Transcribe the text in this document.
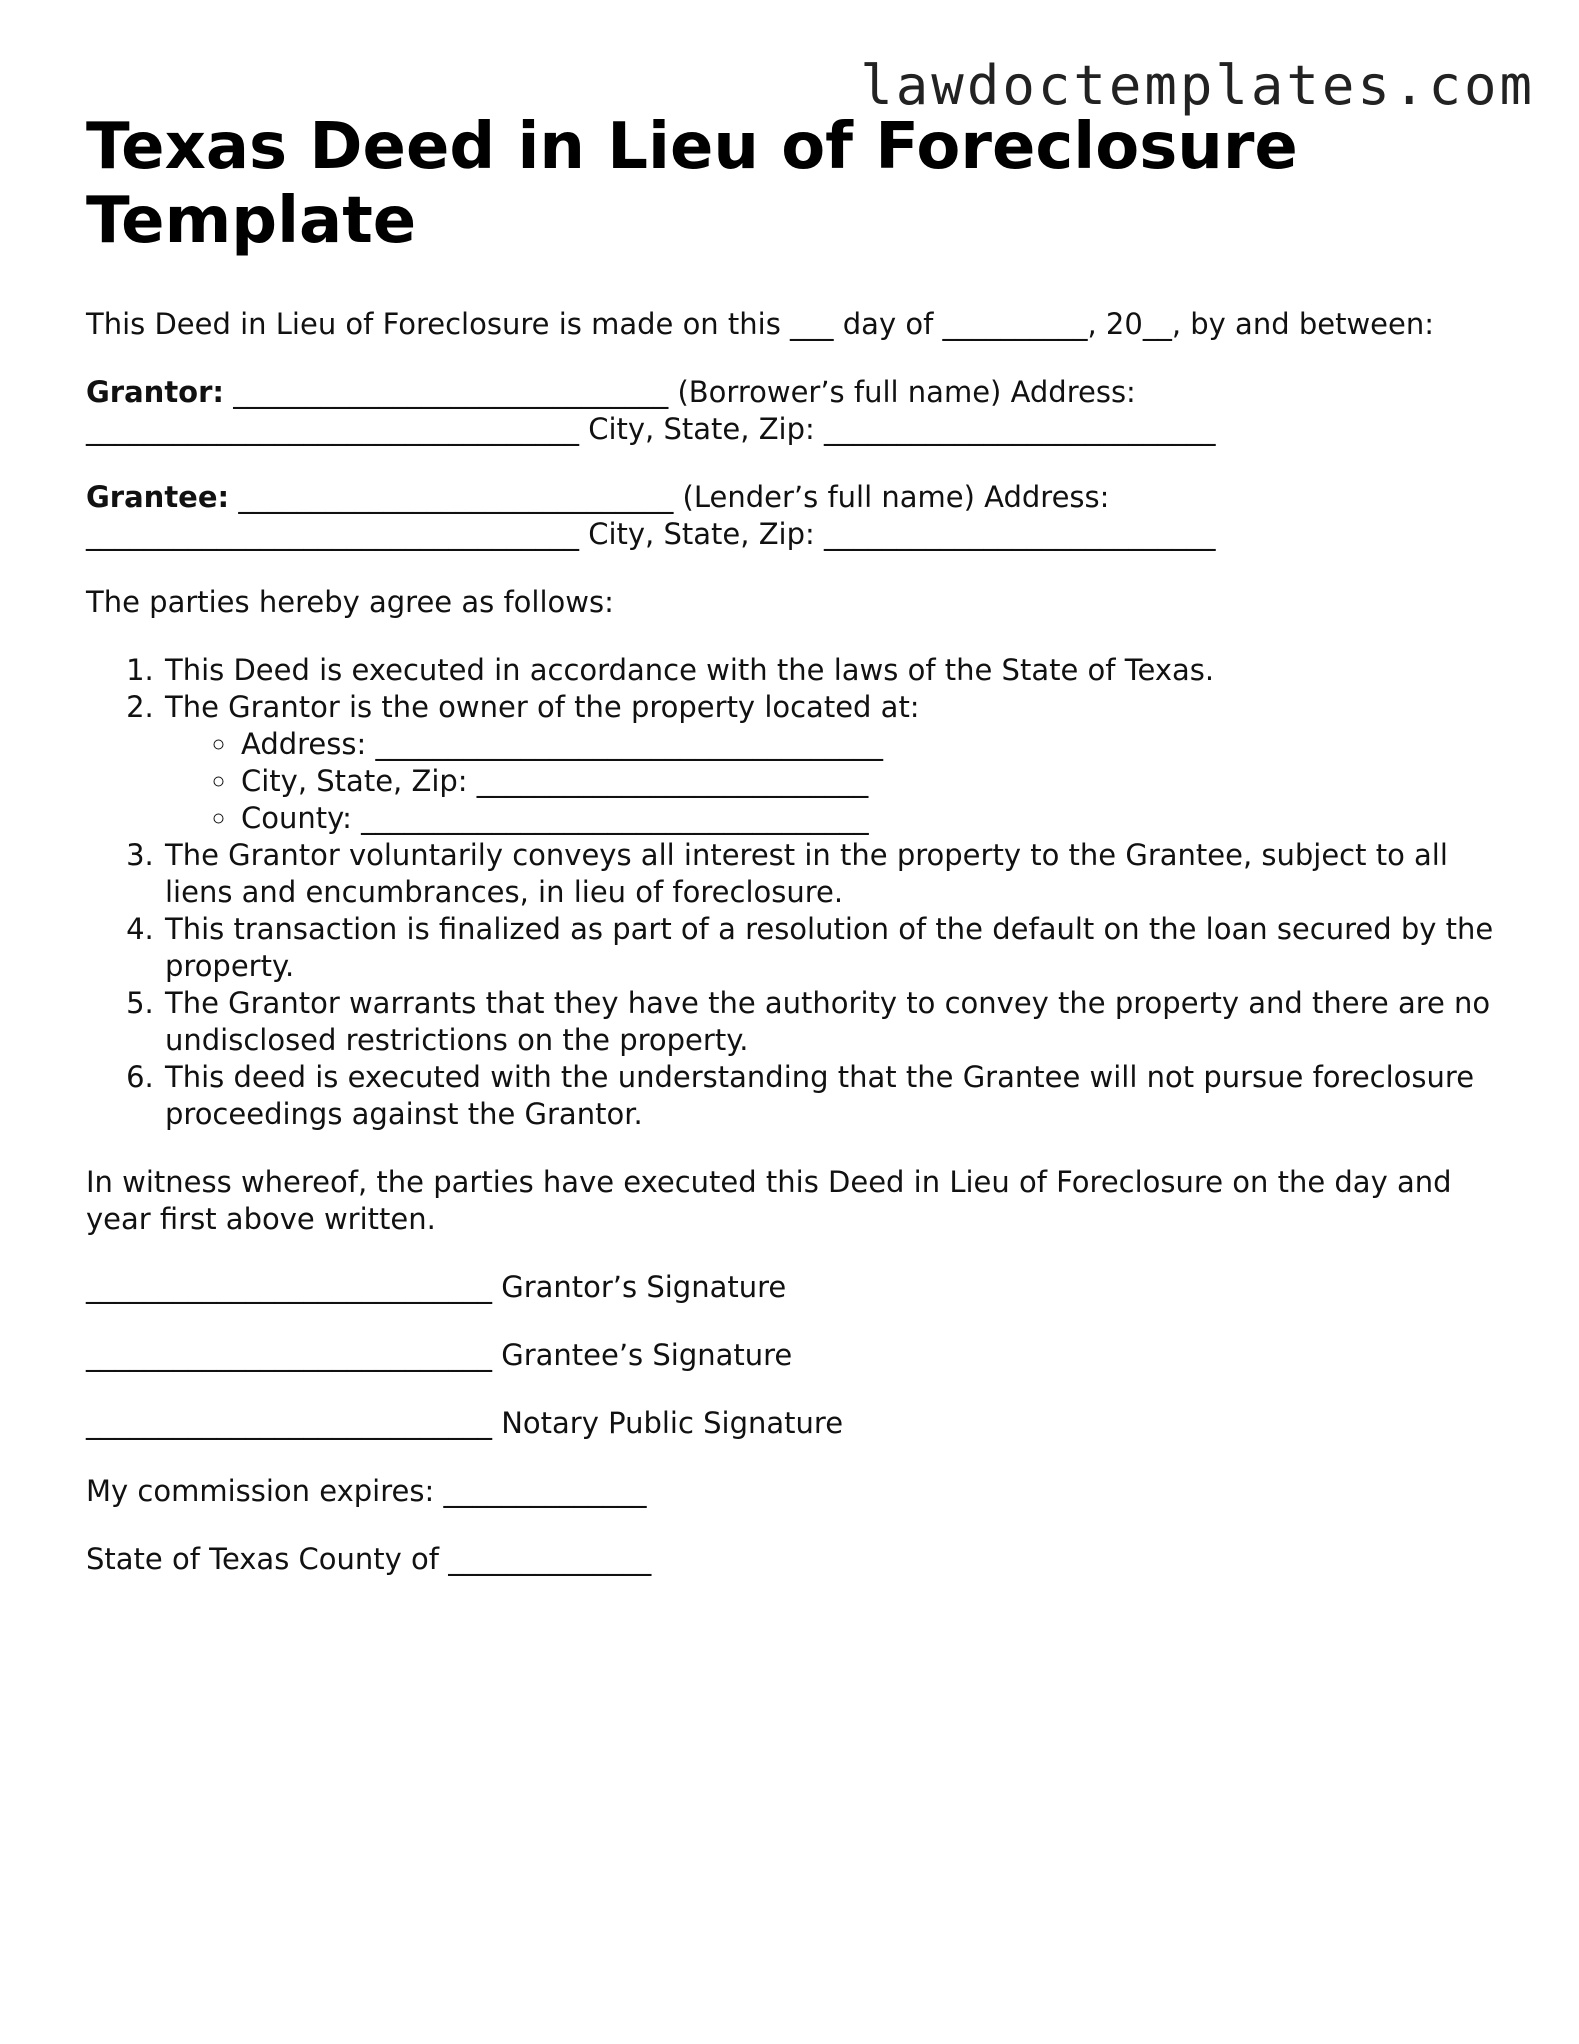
lawdoctemplates.com
Texas Deed in Lieu of Foreclosure Template

This Deed in Lieu of Foreclosure is made on this ___ day of __________, 20__, by and between:

Grantor: ______________________________ (Borrower’s full name) Address: __________________________________ City, State, Zip: ___________________________

Grantee: ______________________________ (Lender’s full name) Address: __________________________________ City, State, Zip: ___________________________

The parties hereby agree as follows:

1. This Deed is executed in accordance with the laws of the State of Texas.
2. The Grantor is the owner of the property located at:
◦ Address: ___________________________________
◦ City, State, Zip: ___________________________
◦ County: ___________________________________
3. The Grantor voluntarily conveys all interest in the property to the Grantee, subject to all liens and encumbrances, in lieu of foreclosure.
4. This transaction is finalized as part of a resolution of the default on the loan secured by the property.
5. The Grantor warrants that they have the authority to convey the property and there are no undisclosed restrictions on the property.
6. This deed is executed with the understanding that the Grantee will not pursue foreclosure proceedings against the Grantor.

In witness whereof, the parties have executed this Deed in Lieu of Foreclosure on the day and year first above written.

____________________________ Grantor’s Signature

____________________________ Grantee’s Signature

____________________________ Notary Public Signature

My commission expires: ______________

State of Texas County of ______________
